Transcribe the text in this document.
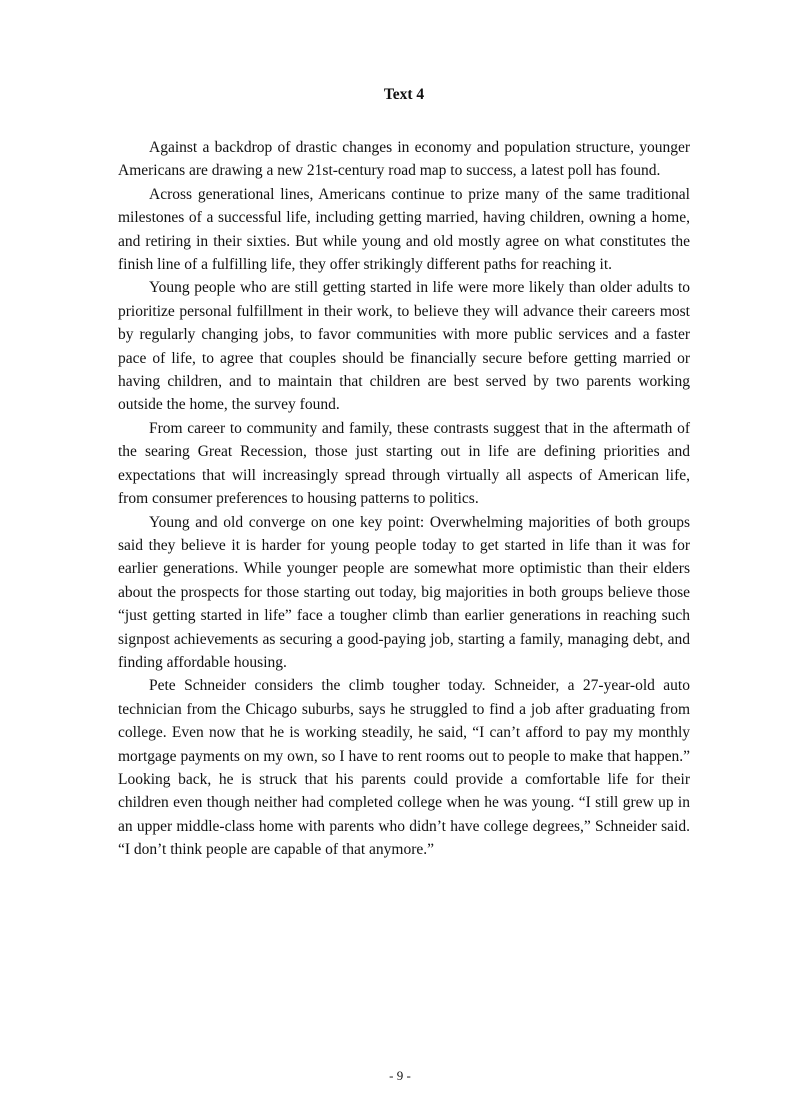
Text 4

Against a backdrop of drastic changes in economy and population structure, younger Americans are drawing a new 21st-century road map to success, a latest poll has found.

Across generational lines, Americans continue to prize many of the same traditional milestones of a successful life, including getting married, having children, owning a home, and retiring in their sixties. But while young and old mostly agree on what constitutes the finish line of a fulfilling life, they offer strikingly different paths for reaching it.

Young people who are still getting started in life were more likely than older adults to prioritize personal fulfillment in their work, to believe they will advance their careers most by regularly changing jobs, to favor communities with more public services and a faster pace of life, to agree that couples should be financially secure before getting married or having children, and to maintain that children are best served by two parents working outside the home, the survey found.

From career to community and family, these contrasts suggest that in the aftermath of the searing Great Recession, those just starting out in life are defining priorities and expectations that will increasingly spread through virtually all aspects of American life, from consumer preferences to housing patterns to politics.

Young and old converge on one key point: Overwhelming majorities of both groups said they believe it is harder for young people today to get started in life than it was for earlier generations. While younger people are somewhat more optimistic than their elders about the prospects for those starting out today, big majorities in both groups believe those “just getting started in life” face a tougher climb than earlier generations in reaching such signpost achievements as securing a good-paying job, starting a family, managing debt, and finding affordable housing.

Pete Schneider considers the climb tougher today. Schneider, a 27-year-old auto technician from the Chicago suburbs, says he struggled to find a job after graduating from college. Even now that he is working steadily, he said, “I can’t afford to pay my monthly mortgage payments on my own, so I have to rent rooms out to people to make that happen.” Looking back, he is struck that his parents could provide a comfortable life for their children even though neither had completed college when he was young. “I still grew up in an upper middle-class home with parents who didn’t have college degrees,” Schneider said. “I don’t think people are capable of that anymore.”

- 9 -
